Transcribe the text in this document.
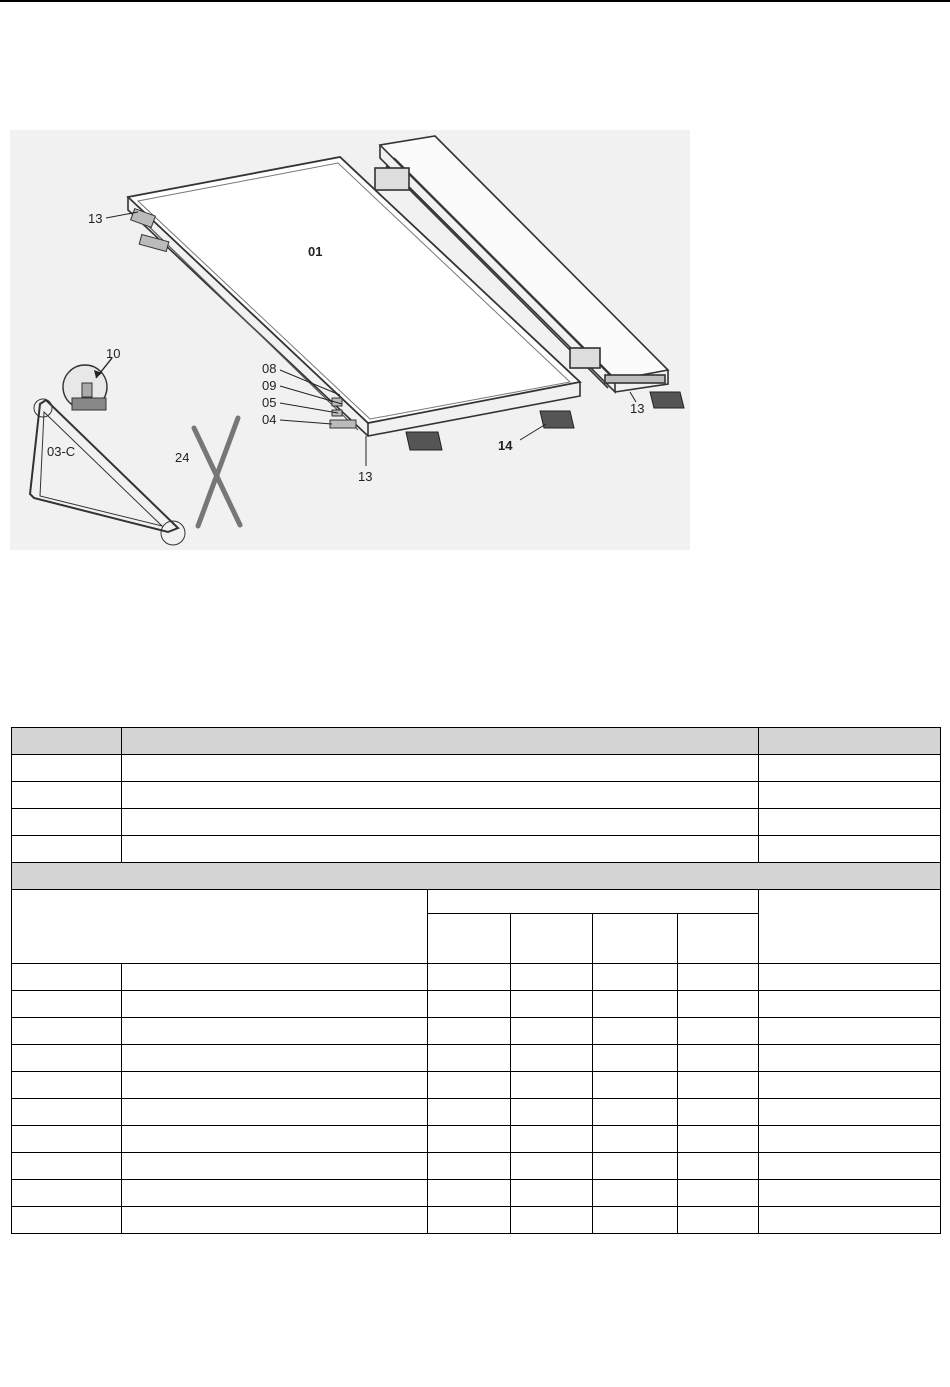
13
01
10
08
09
05
04
03-C	24
13
14
13
